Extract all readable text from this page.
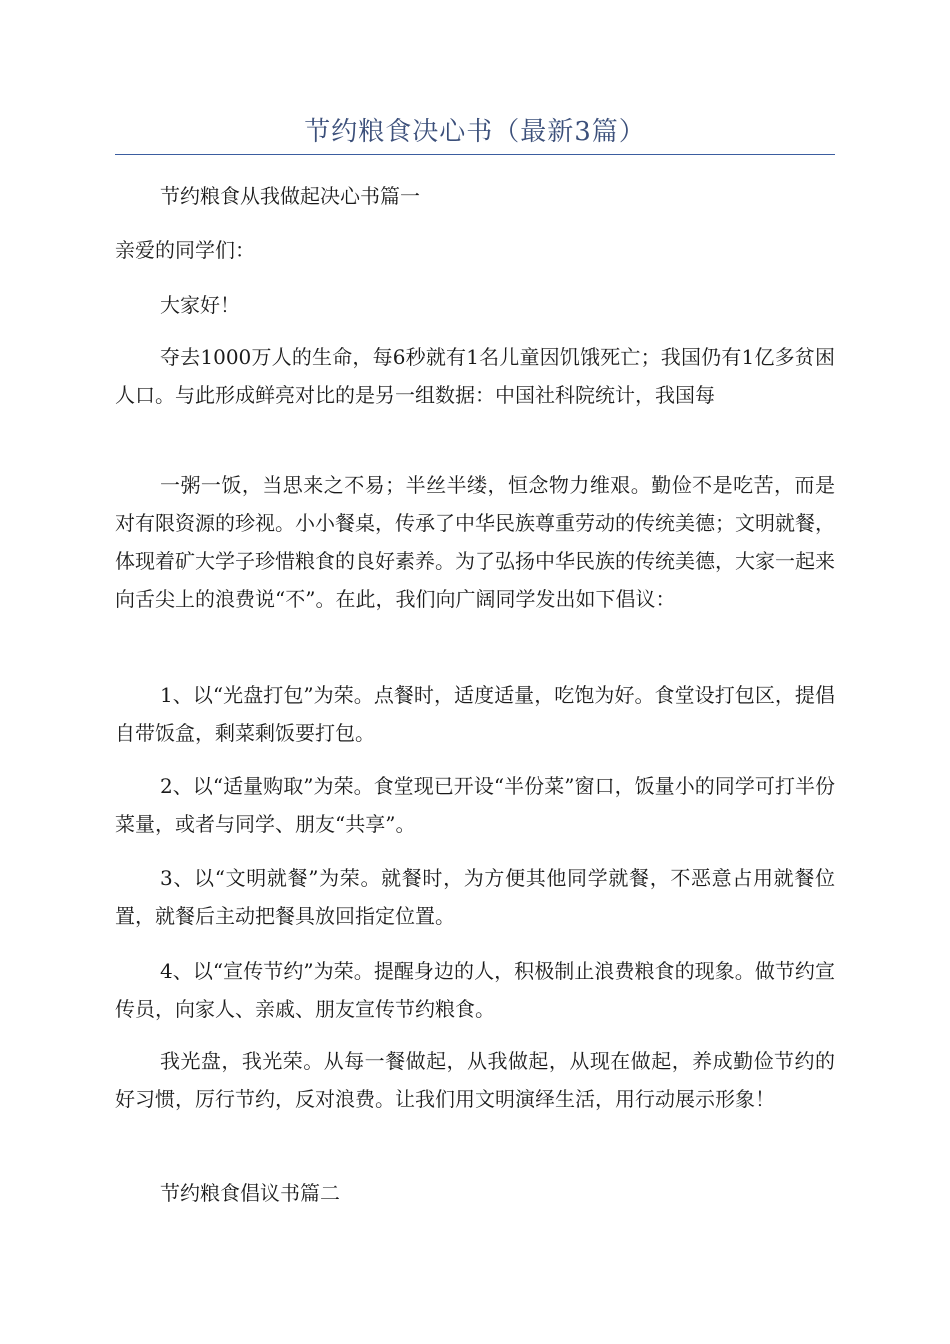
节约粮食决心书（最新3篇）

节约粮食从我做起决心书篇一

亲爱的同学们：

大家好！

夺去1000万人的生命，每6秒就有1名儿童因饥饿死亡；我国仍有1亿多贫困人口。与此形成鲜亮对比的是另一组数据：中国社科院统计，我国每

一粥一饭，当思来之不易；半丝半缕，恒念物力维艰。勤俭不是吃苦，而是对有限资源的珍视。小小餐桌，传承了中华民族尊重劳动的传统美德；文明就餐，体现着矿大学子珍惜粮食的良好素养。为了弘扬中华民族的传统美德，大家一起来向舌尖上的浪费说“不”。在此，我们向广阔同学发出如下倡议：

1、以“光盘打包”为荣。点餐时，适度适量，吃饱为好。食堂设打包区，提倡自带饭盒，剩菜剩饭要打包。

2、以“适量购取”为荣。食堂现已开设“半份菜”窗口，饭量小的同学可打半份菜量，或者与同学、朋友“共享”。

3、以“文明就餐”为荣。就餐时，为方便其他同学就餐，不恶意占用就餐位置，就餐后主动把餐具放回指定位置。

4、以“宣传节约”为荣。提醒身边的人，积极制止浪费粮食的现象。做节约宣传员，向家人、亲戚、朋友宣传节约粮食。

我光盘，我光荣。从每一餐做起，从我做起，从现在做起，养成勤俭节约的好习惯，厉行节约，反对浪费。让我们用文明演绎生活，用行动展示形象！

节约粮食倡议书篇二
